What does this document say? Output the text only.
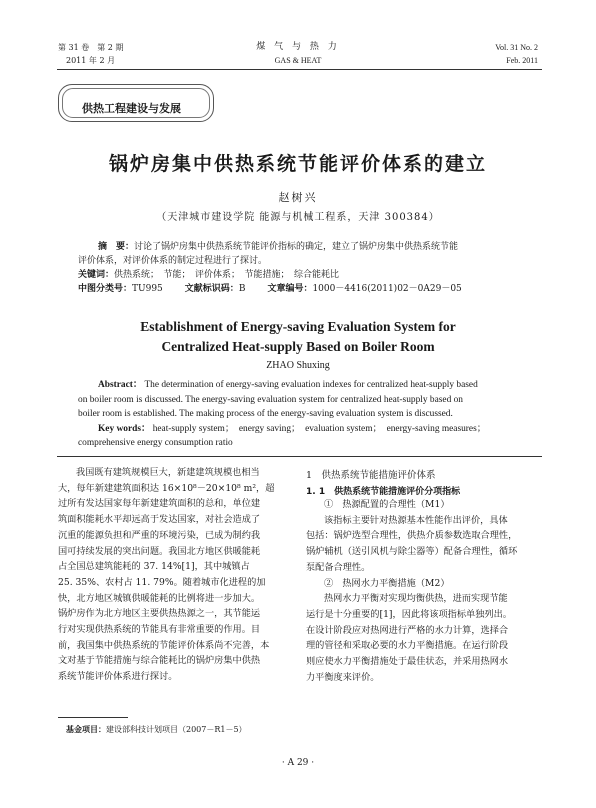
第 31 卷　第 2 期
2011 年 2 月
煤 气 与 热 力
GAS & HEAT
Vol. 31 No. 2
Feb. 2011
供热工程建设与发展
锅炉房集中供热系统节能评价体系的建立
赵树兴
（天津城市建设学院 能源与机械工程系，天津 300384）
摘　要：讨论了锅炉房集中供热系统节能评价指标的确定，建立了锅炉房集中供热系统节能
评价体系，对评价体系的制定过程进行了探讨。
关键词：供热系统；　节能；　评价体系；　节能措施；　综合能耗比
中图分类号：TU995 文献标识码：B 文章编号：1000－4416(2011)02－0A29－05
Establishment of Energy-saving Evaluation System for
Centralized Heat-supply Based on Boiler Room
ZHAO Shuxing
Abstract： The determination of energy-saving evaluation indexes for centralized heat-supply based
on boiler room is discussed. The energy-saving evaluation system for centralized heat-supply based on
boiler room is established. The making process of the energy-saving evaluation system is discussed.
Key words： heat-supply system；　energy saving；　evaluation system；　energy-saving measures；
comprehensive energy consumption ratio
我国既有建筑规模巨大，新建建筑规模也相当
大，每年新建建筑面积达 16×10⁸－20×10⁸ m²，超
过所有发达国家每年新建建筑面积的总和，单位建
筑面积能耗水平却远高于发达国家，对社会造成了
沉重的能源负担和严重的环境污染，已成为制约我
国可持续发展的突出问题。我国北方地区供暖能耗
占全国总建筑能耗的 37. 14%[1]，其中城镇占
25. 35%、农村占 11. 79%。随着城市化进程的加
快，北方地区城镇供暖能耗的比例将进一步加大。
锅炉房作为北方地区主要供热热源之一，其节能运
行对实现供热系统的节能具有非常重要的作用。目
前，我国集中供热系统的节能评价体系尚不完善，本
文对基于节能措施与综合能耗比的锅炉房集中供热
系统节能评价体系进行探讨。
1　供热系统节能措施评价体系
1. 1　供热系统节能措施评价分项指标
①　热源配置的合理性（M1）
该指标主要针对热源基本性能作出评价，具体
包括：锅炉选型合理性，供热介质参数选取合理性，
锅炉辅机（送引风机与除尘器等）配备合理性，循环
泵配备合理性。
②　热网水力平衡措施（M2）
热网水力平衡对实现均衡供热，进而实现节能
运行是十分重要的[1]，因此将该项指标单独列出。
在设计阶段应对热网进行严格的水力计算，选择合
理的管径和采取必要的水力平衡措施。在运行阶段
则应使水力平衡措施处于最佳状态，并采用热网水
力平衡度来评价。
基金项目：建设部科技计划项目（2007－R1－5）
· A 29 ·
